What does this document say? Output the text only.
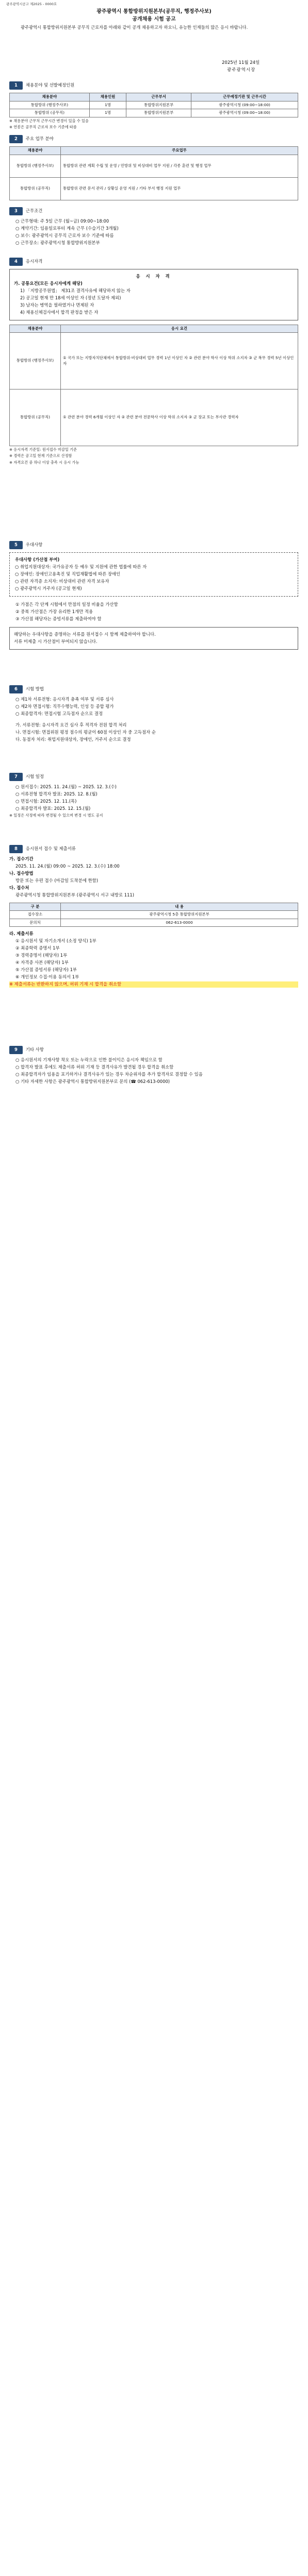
광주광역시공고 제2025 - 0000호
광주광역시 통합방위지원본부(공무직, 행정주사보)
공개채용 시험 공고
광주광역시 통합방위지원본부 공무직 근로자를 아래와 같이 공개 채용하고자 하오니, 유능한 인재들의 많은 응시 바랍니다.
2025년 11월 24일
광주광역시장
1	채용분야 및 선발예정인원
채용분야	채용인원	근무부서	근무예정기관 및 근무시간
통합방위 (행정주사보)	1명	통합방위지원본부	광주광역시청 (09:00~18:00)
통합방위 (공무직)	1명	통합방위지원본부	광주광역시청 (09:00~18:00)

※ 채용분야 근무처 근무시간 변경이 있을 수 있음

※ 연봉은 공무직 근로자 보수 기준에 따름

2	주요 업무 분야
채용분야	주요업무
통합방위 (행정주사보)	통합방위 관련 계획 수립 및 운영 / 민방위 및 비상대비 업무 지원 / 각종 훈련 및 행정 업무
통합방위 (공무직)	통합방위 관련 문서 관리 / 상황실 운영 지원 / 기타 부서 행정 지원 업무
3	근무조건

○ 근무형태: 주 5일 근무 (월~금) 09:00~18:00

○ 계약기간: 임용일로부터 계속 근무 (수습기간 3개월)

○ 보수: 광주광역시 공무직 근로자 보수 기준에 따름

○ 근무장소: 광주광역시청 통합방위지원본부

4	응시자격

응 시 자 격

가. 공통요건(모든 응시자에게 해당)

1) 「지방공무원법」 제31조 결격사유에 해당하지 않는 자

2) 공고일 현재 만 18세 이상인 자 (정년 도달자 제외)

3) 남자는 병역을 필하였거나 면제된 자

4) 채용신체검사에서 합격 판정을 받은 자

채용분야	응시 요건
통합방위 (행정주사보)	① 국가 또는 지방자치단체에서 통합방위·비상대비 업무 경력 1년 이상인 자 ② 관련 분야 학사 이상 학위 소지자 ③ 군 복무 경력 5년 이상인 자
통합방위 (공무직)	① 관련 분야 경력 6개월 이상인 자 ② 관련 분야 전문학사 이상 학위 소지자 ③ 군 장교 또는 부사관 경력자

※ 응시자격 기준일: 원서접수 마감일 기준

※ 경력은 공고일 현재 기준으로 산정함

※ 자격요건 중 하나 이상 충족 시 응시 가능

5	우대사항

우대사항 (가산점 부여)

○ 취업지원대상자: 국가유공자 등 예우 및 지원에 관한 법률에 따른 자

○ 장애인: 장애인고용촉진 및 직업재활법에 따른 장애인

○ 관련 자격증 소지자: 비상대비 관련 자격 보유자

○ 광주광역시 거주자 (공고일 현재)

① 가점은 각 단계 시험에서 만점의 일정 비율을 가산함

② 중복 가산점은 가장 유리한 1개만 적용

③ 가산점 해당자는 증빙서류를 제출하여야 함

해당하는 우대사항을 증명하는 서류를 원서접수 시 함께 제출하여야 합니다.

서류 미제출 시 가산점이 부여되지 않습니다.

6	시험 방법

○ 제1차 서류전형: 응시자격 충족 여부 및 서류 심사

○ 제2차 면접시험: 직무수행능력, 인성 등 종합 평가

○ 최종합격자: 면접시험 고득점자 순으로 결정

가. 서류전형: 응시자격 요건 심사 후 적격자 전원 합격 처리

나. 면접시험: 면접위원 평정 점수의 평균이 60점 이상인 자 중 고득점자 순

다. 동점자 처리: 취업지원대상자, 장애인, 거주지 순으로 결정

7	시험 일정

○ 원서접수: 2025. 11. 24.(월) ~ 2025. 12. 3.(수)

○ 서류전형 합격자 발표: 2025. 12. 8.(월)

○ 면접시험: 2025. 12. 11.(목)

○ 최종합격자 발표: 2025. 12. 15.(월)

※ 일정은 사정에 따라 변경될 수 있으며 변경 시 별도 공지

8	응시원서 접수 및 제출서류

가. 접수기간

2025. 11. 24.(월) 09:00 ~ 2025. 12. 3.(수) 18:00

나. 접수방법

방문 또는 우편 접수 (마감일 도착분에 한함)

다. 접수처

광주광역시청 통합방위지원본부 (광주광역시 서구 내방로 111)

구 분	내 용
접수장소	광주광역시청 5층 통합방위지원본부
문의처	062-613-0000

라. 제출서류

① 응시원서 및 자기소개서 (소정 양식) 1부

② 최종학력 증명서 1부

③ 경력증명서 (해당자) 1부

④ 자격증 사본 (해당자) 1부

⑤ 가산점 증빙서류 (해당자) 1부

⑥ 개인정보 수집·이용 동의서 1부

※ 제출서류는 반환하지 않으며, 허위 기재 시 합격을 취소함

9	기타 사항

○ 응시원서의 기재사항 착오 또는 누락으로 인한 불이익은 응시자 책임으로 함

○ 합격자 발표 후에도 제출서류 허위 기재 등 결격사유가 발견될 경우 합격을 취소함

○ 최종합격자가 임용을 포기하거나 결격사유가 있는 경우 차순위자를 추가 합격자로 결정할 수 있음

○ 기타 자세한 사항은 광주광역시 통합방위지원본부로 문의 (☎ 062-613-0000)
